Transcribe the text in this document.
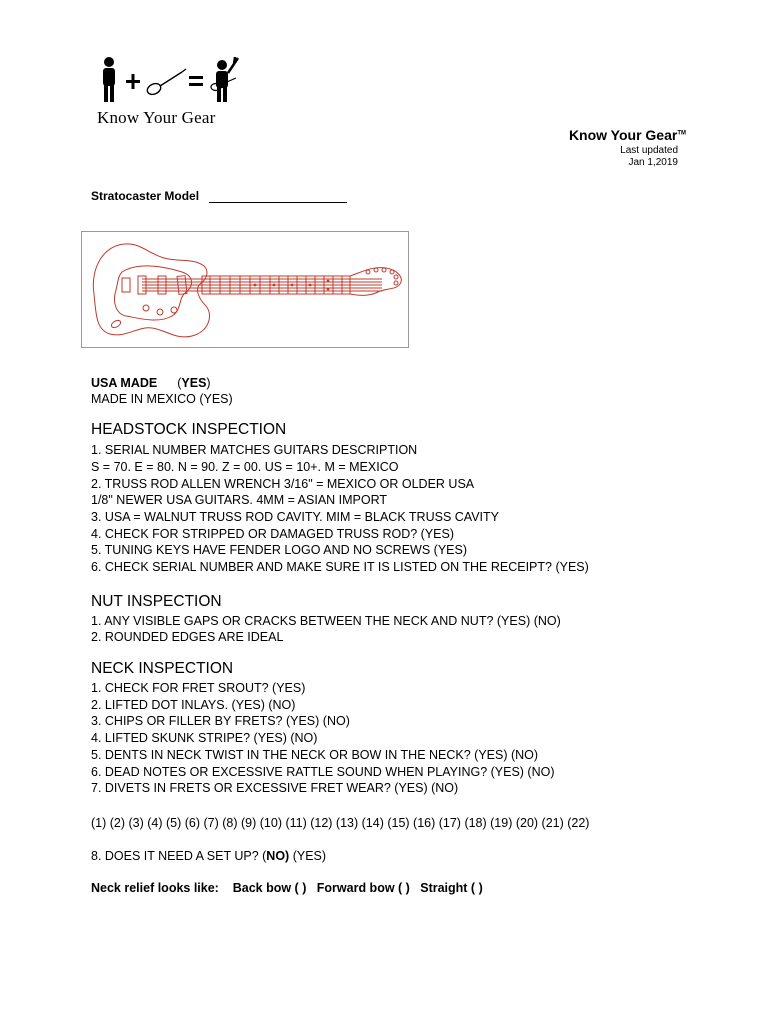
Know Your Gear
Know Your Gear™
Last updated
Jan 1,2019
Stratocaster Model
USA MADE (YES)
MADE IN MEXICO (YES)
HEADSTOCK INSPECTION
1. SERIAL NUMBER MATCHES GUITARS DESCRIPTION
S = 70. E = 80. N = 90. Z = 00. US = 10+. M = MEXICO
2. TRUSS ROD ALLEN WRENCH 3/16" = MEXICO OR OLDER USA
1/8" NEWER USA GUITARS. 4MM = ASIAN IMPORT
3. USA = WALNUT TRUSS ROD CAVITY. MIM = BLACK TRUSS CAVITY
4. CHECK FOR STRIPPED OR DAMAGED TRUSS ROD? (YES)
5. TUNING KEYS HAVE FENDER LOGO AND NO SCREWS (YES)
6. CHECK SERIAL NUMBER AND MAKE SURE IT IS LISTED ON THE RECEIPT? (YES)
NUT INSPECTION
1. ANY VISIBLE GAPS OR CRACKS BETWEEN THE NECK AND NUT? (YES) (NO)
2. ROUNDED EDGES ARE IDEAL
NECK INSPECTION
1. CHECK FOR FRET SROUT? (YES)
2. LIFTED DOT INLAYS. (YES) (NO)
3. CHIPS OR FILLER BY FRETS? (YES) (NO)
4. LIFTED SKUNK STRIPE? (YES) (NO)
5. DENTS IN NECK TWIST IN THE NECK OR BOW IN THE NECK? (YES) (NO)
6. DEAD NOTES OR EXCESSIVE RATTLE SOUND WHEN PLAYING? (YES) (NO)
7. DIVETS IN FRETS OR EXCESSIVE FRET WEAR? (YES) (NO)
(1) (2) (3) (4) (5) (6) (7) (8) (9) (10) (11) (12) (13) (14) (15) (16) (17) (18) (19) (20) (21) (22)
8. DOES IT NEED A SET UP? (NO) (YES)
Neck relief looks like:    Back bow ( )   Forward bow ( )   Straight ( )
